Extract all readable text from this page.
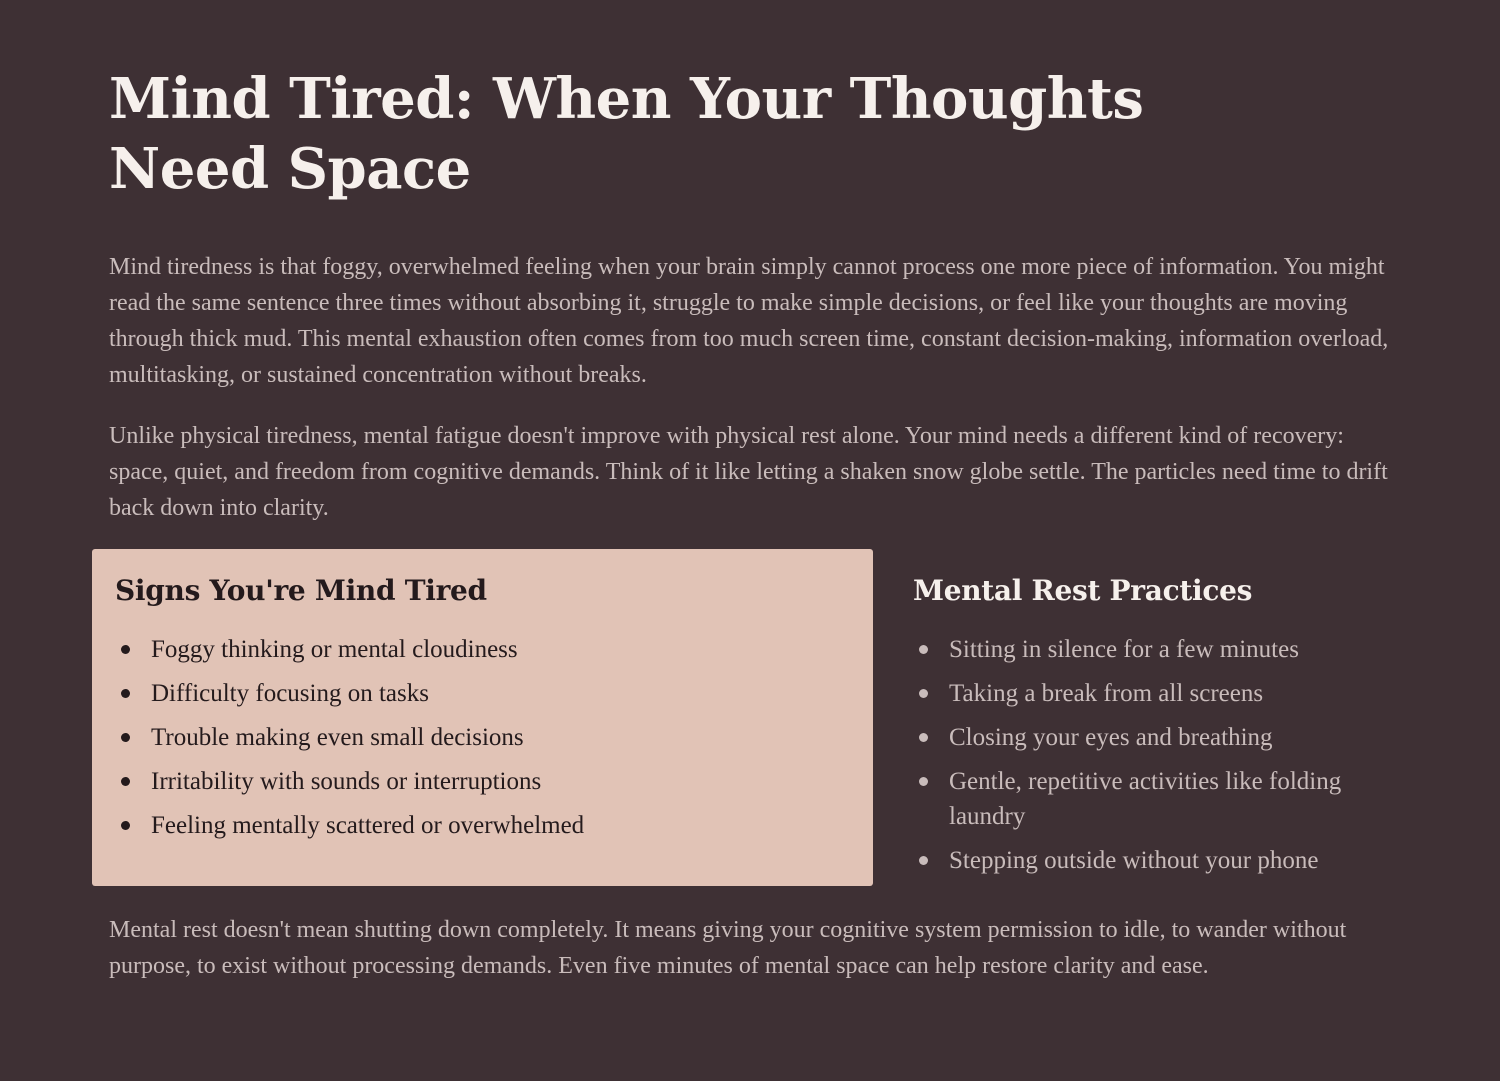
Mind Tired: When Your Thoughts Need Space

Mind tiredness is that foggy, overwhelmed feeling when your brain simply cannot process one more piece of information. You might read the same sentence three times without absorbing it, struggle to make simple decisions, or feel like your thoughts are moving through thick mud. This mental exhaustion often comes from too much screen time, constant decision-making, information overload, multitasking, or sustained concentration without breaks.

Unlike physical tiredness, mental fatigue doesn't improve with physical rest alone. Your mind needs a different kind of recovery: space, quiet, and freedom from cognitive demands. Think of it like letting a shaken snow globe settle. The particles need time to drift back down into clarity.

Signs You're Mind Tired
Foggy thinking or mental cloudiness
Difficulty focusing on tasks
Trouble making even small decisions
Irritability with sounds or interruptions
Feeling mentally scattered or overwhelmed
Mental Rest Practices
Sitting in silence for a few minutes
Taking a break from all screens
Closing your eyes and breathing
Gentle, repetitive activities like folding laundry
Stepping outside without your phone

Mental rest doesn't mean shutting down completely. It means giving your cognitive system permission to idle, to wander without purpose, to exist without processing demands. Even five minutes of mental space can help restore clarity and ease.
